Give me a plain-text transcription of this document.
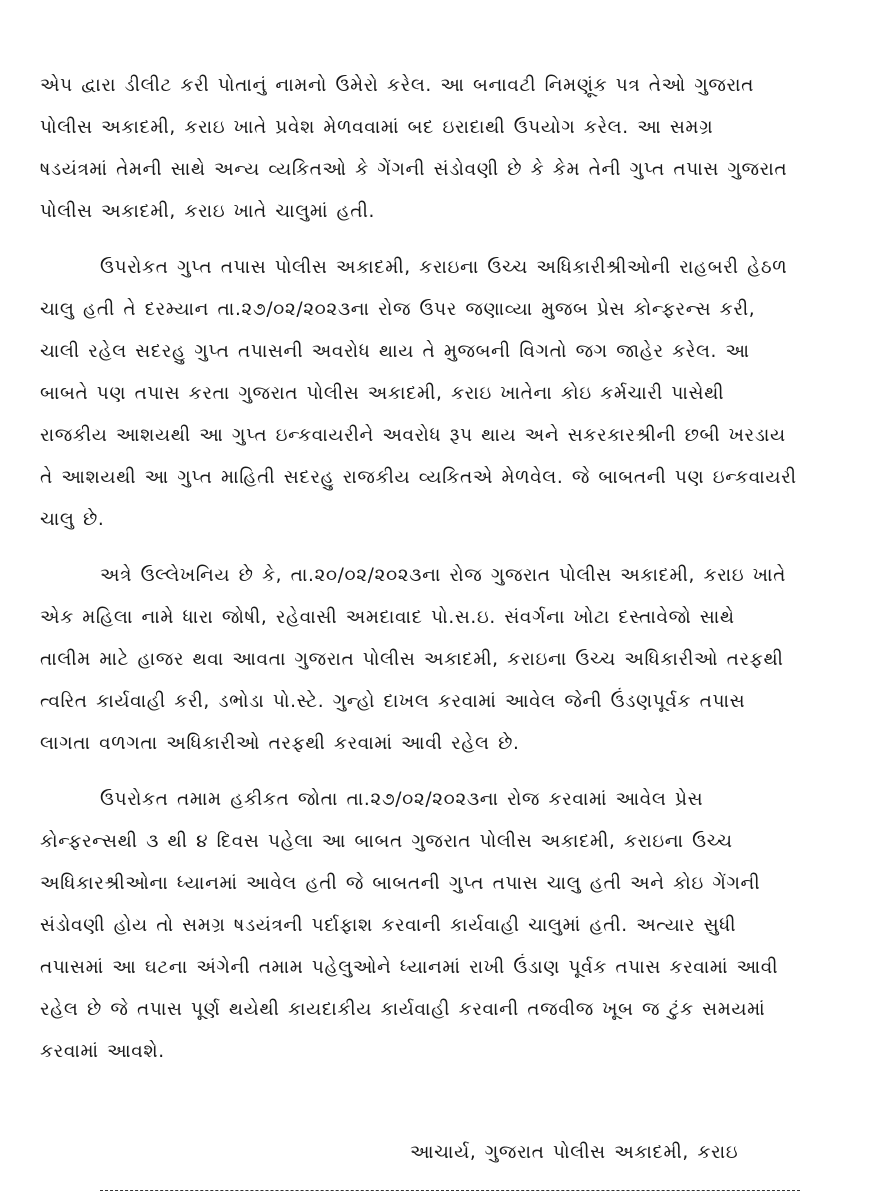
એપ દ્વારા ડીલીટ કરી પોતાનું નામનો ઉમેરો કરેલ. આ બનાવટી નિમણૂંક પત્ર તેઓ ગુજરાત
પોલીસ અકાદમી, કરાઇ ખાતે પ્રવેશ મેળવવામાં બદ ઇરાદાથી ઉપયોગ કરેલ. આ સમગ્ર
ષડયંત્રમાં તેમની સાથે અન્ય વ્યકિતઓ કે ગેંગની સંડોવણી છે કે કેમ તેની ગુપ્ત તપાસ ગુજરાત
પોલીસ અકાદમી, કરાઇ ખાતે ચાલુમાં હતી.
ઉપરોકત ગુપ્ત તપાસ પોલીસ અકાદમી, કરાઇના ઉચ્ચ અધિકારીશ્રીઓની રાહબરી હેઠળ
ચાલુ હતી તે દરમ્યાન તા.૨૭/૦૨/૨૦૨૩ના રોજ ઉપર જણાવ્યા મુજબ પ્રેસ કોન્ફરન્સ કરી,
ચાલી રહેલ સદરહુ ગુપ્ત તપાસની અવરોધ થાય તે મુજબની વિગતો જગ જાહેર કરેલ. આ
બાબતે પણ તપાસ કરતા ગુજરાત પોલીસ અકાદમી, કરાઇ ખાતેના કોઇ કર્મચારી પાસેથી
રાજકીય આશયથી આ ગુપ્ત ઇન્કવાયરીને અવરોધ રૂપ થાય અને સકરકારશ્રીની છબી ખરડાય
તે આશયથી આ ગુપ્ત માહિતી સદરહુ રાજકીય વ્યકિતએ મેળવેલ. જે બાબતની પણ ઇન્કવાયરી
ચાલુ છે.
અત્રે ઉલ્લેખનિય છે કે, તા.૨૦/૦૨/૨૦૨૩ના રોજ ગુજરાત પોલીસ અકાદમી, કરાઇ ખાતે
એક મહિલા નામે ધારા જોષી, રહેવાસી અમદાવાદ પો.સ.ઇ. સંવર્ગના ખોટા દસ્તાવેજો સાથે
તાલીમ માટે હાજર થવા આવતા ગુજરાત પોલીસ અકાદમી, કરાઇના ઉચ્ચ અધિકારીઓ તરફથી
ત્વરિત કાર્યવાહી કરી, ડભોડા પો.સ્ટે. ગુન્હો દાખલ કરવામાં આવેલ જેની ઉંડણપૂર્વક તપાસ
લાગતા વળગતા અધિકારીઓ તરફથી કરવામાં આવી રહેલ છે.
ઉપરોકત તમામ હકીકત જોતા તા.૨૭/૦૨/૨૦૨૩ના રોજ કરવામાં આવેલ પ્રેસ
કોન્ફરન્સથી ૩ થી ૪ દિવસ પહેલા આ બાબત ગુજરાત પોલીસ અકાદમી, કરાઇના ઉચ્ચ
અધિકારશ્રીઓના ધ્યાનમાં આવેલ હતી જે બાબતની ગુપ્ત તપાસ ચાલુ હતી અને કોઇ ગેંગની
સંડોવણી હોય તો સમગ્ર ષડયંત્રની પર્દાફાશ કરવાની કાર્યવાહી ચાલુમાં હતી. અત્યાર સુધી
તપાસમાં આ ઘટના અંગેની તમામ પહેલુઓને ધ્યાનમાં રાખી ઉંડાણ પૂર્વક તપાસ કરવામાં આવી
રહેલ છે જે તપાસ પૂર્ણ થયેથી કાયદાકીય કાર્યવાહી કરવાની તજવીજ ખૂબ જ ટુંક સમયમાં
કરવામાં આવશે.
આચાર્ય, ગુજરાત પોલીસ અકાદમી, કરાઇ
